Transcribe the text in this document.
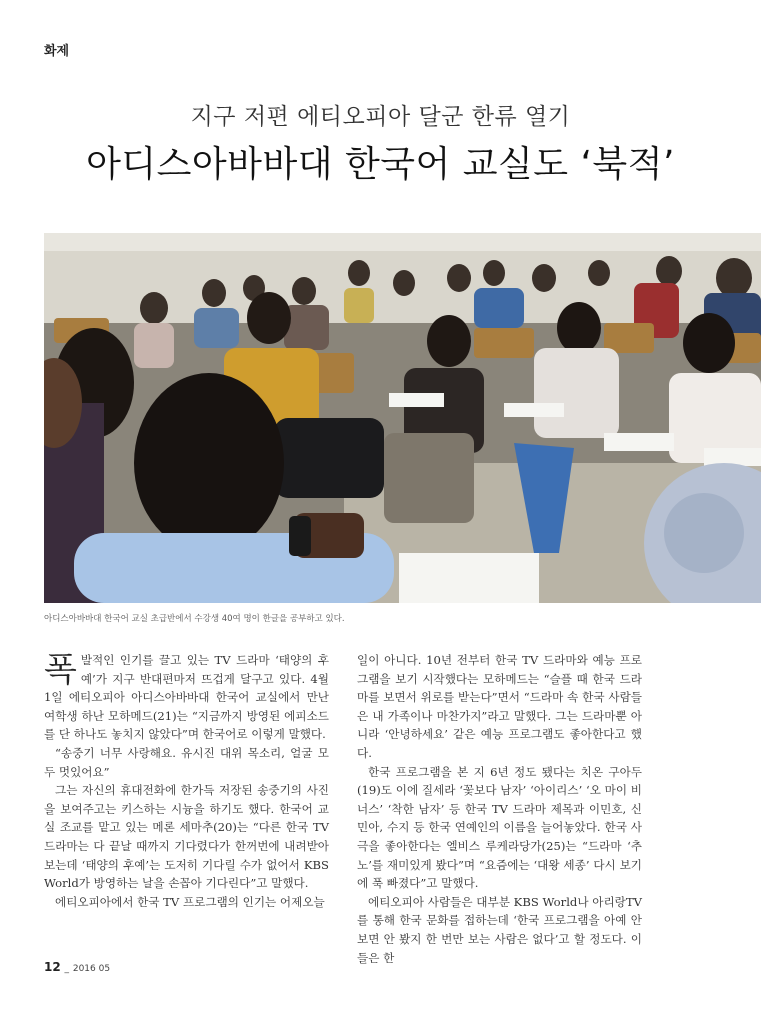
화제
지구 저편 에티오피아 달군 한류 열기
아디스아바바대 한국어 교실도 ‘북적’
아디스아바바대 한국어 교실 초급반에서 수강생 40여 명이 한글을 공부하고 있다.

폭발적인 인기를 끌고 있는 TV 드라마 ‘태양의 후예’가 지구 반대편마저 뜨겁게 달구고 있다. 4월 1일 에티오피아 아디스아바바대 한국어 교실에서 만난 여학생 하난 모하메드(21)는 “지금까지 방영된 에피소드를 단 하나도 놓치지 않았다”며 한국어로 이렇게 말했다.

“송중기 너무 사랑해요. 유시진 대위 목소리, 얼굴 모두 멋있어요”

그는 자신의 휴대전화에 한가득 저장된 송중기의 사진을 보여주고는 키스하는 시늉을 하기도 했다. 한국어 교실 조교를 맡고 있는 메론 세마추(20)는 “다른 한국 TV 드라마는 다 끝날 때까지 기다렸다가 한꺼번에 내려받아 보는데 ‘태양의 후예’는 도저히 기다릴 수가 없어서 KBS World가 방영하는 날을 손꼽아 기다린다”고 말했다.

에티오피아에서 한국 TV 프로그램의 인기는 어제오늘

일이 아니다. 10년 전부터 한국 TV 드라마와 예능 프로그램을 보기 시작했다는 모하메드는 “슬플 때 한국 드라마를 보면서 위로를 받는다”면서 “드라마 속 한국 사람들은 내 가족이나 마찬가지”라고 말했다. 그는 드라마뿐 아니라 ‘안녕하세요’ 같은 예능 프로그램도 좋아한다고 했다.

한국 프로그램을 본 지 6년 정도 됐다는 치온 구아두(19)도 이에 질세라 ‘꽃보다 남자’ ‘아이리스’ ‘오 마이 비너스’ ‘착한 남자’ 등 한국 TV 드라마 제목과 이민호, 신민아, 수지 등 한국 연예인의 이름을 늘어놓았다. 한국 사극을 좋아한다는 엘비스 루케라당가(25)는 “드라마 ‘추노’를 재미있게 봤다”며 “요즘에는 ‘대왕 세종’ 다시 보기에 푹 빠졌다”고 말했다.

에티오피아 사람들은 대부분 KBS World나 아리랑TV를 통해 한국 문화를 접하는데 ‘한국 프로그램을 아예 안 보면 안 봤지 한 번만 보는 사람은 없다’고 할 정도다. 이들은 한

12 _ 2016 05
